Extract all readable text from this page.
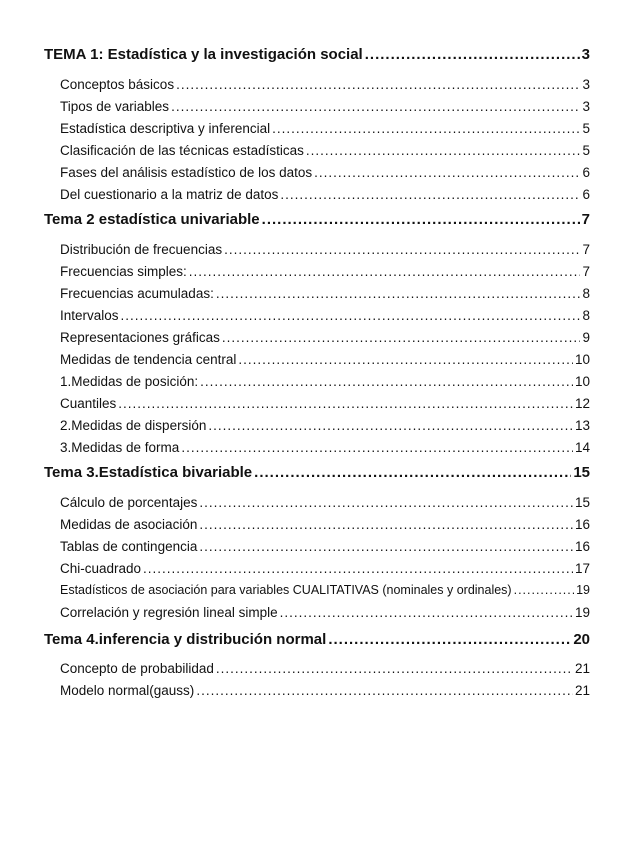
TEMA 1: Estadística y la investigación social .....	3
Conceptos básicos .....	3
Tipos de variables .....	3
Estadística descriptiva y inferencial .....	5
Clasificación de las técnicas estadísticas .....	5
Fases del análisis estadístico de los datos .....	6
Del cuestionario a la matriz de datos .....	6
Tema 2 estadística univariable .....	7
Distribución de frecuencias .....	7
Frecuencias simples: .....	7
Frecuencias acumuladas: .....	8
Intervalos .....	8
Representaciones gráficas .....	9
Medidas de tendencia central .....	10
1.Medidas de posición: .....	10
Cuantiles .....	12
2.Medidas de dispersión .....	13
3.Medidas de forma .....	14
Tema 3.Estadística bivariable .....	15
Cálculo de porcentajes .....	15
Medidas de asociación .....	16
Tablas de contingencia .....	16
Chi-cuadrado .....	17
Estadísticos de asociación para variables CUALITATIVAS (nominales y ordinales) .....	19
Correlación y regresión lineal simple .....	19
Tema 4.inferencia y distribución normal .....	20
Concepto de probabilidad .....	21
Modelo normal(gauss) .....	21
